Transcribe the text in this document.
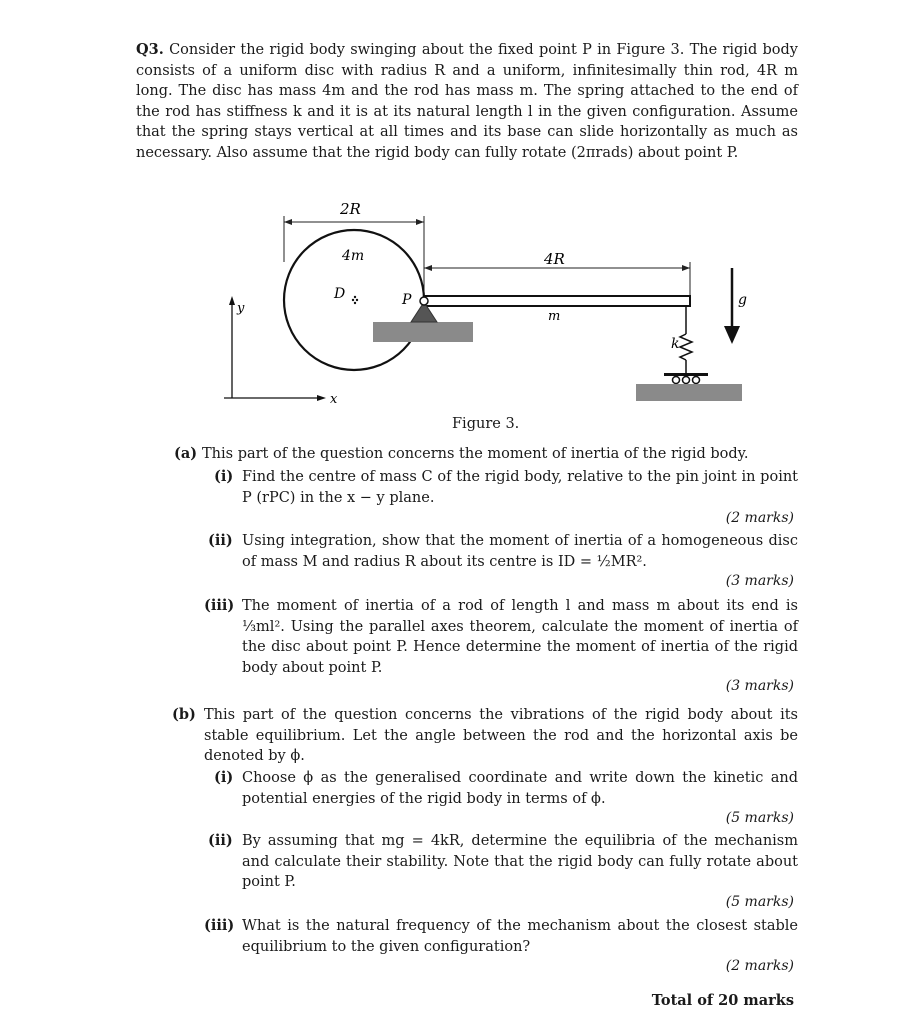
Q3. Consider the rigid body swinging about the fixed point P in Figure 3. The rigid body consists of a uniform disc with radius R and a uniform, infinitesimally thin rod, 4R m long. The disc has mass 4m and the rod has mass m. The spring attached to the end of the rod has stiffness k and it is at its natural length l in the given configuration. Assume that the spring stays vertical at all times and its base can slide horizontally as much as necessary. Also assume that the rigid body can fully rotate (2πrads) about point P.

2R
4m
D
4R
m
P
k
g
y
x

Figure 3.

(a) This part of the question concerns the moment of inertia of the rigid body.
(i) Find the centre of mass C of the rigid body, relative to the pin joint in point P (rPC) in the x − y plane.
(2 marks)
(ii) Using integration, show that the moment of inertia of a homogeneous disc of mass M and radius R about its centre is ID = ½MR².
(3 marks)
(iii) The moment of inertia of a rod of length l and mass m about its end is ⅓ml². Using the parallel axes theorem, calculate the moment of inertia of the disc about point P. Hence determine the moment of inertia of the rigid body about point P.
(3 marks)
(b) This part of the question concerns the vibrations of the rigid body about its stable equilibrium. Let the angle between the rod and the horizontal axis be denoted by ϕ.
(i) Choose ϕ as the generalised coordinate and write down the kinetic and potential energies of the rigid body in terms of ϕ.
(5 marks)
(ii) By assuming that mg = 4kR, determine the equilibria of the mechanism and calculate their stability. Note that the rigid body can fully rotate about point P.
(5 marks)
(iii) What is the natural frequency of the mechanism about the closest stable equilibrium to the given configuration?
(2 marks)
Total of 20 marks
